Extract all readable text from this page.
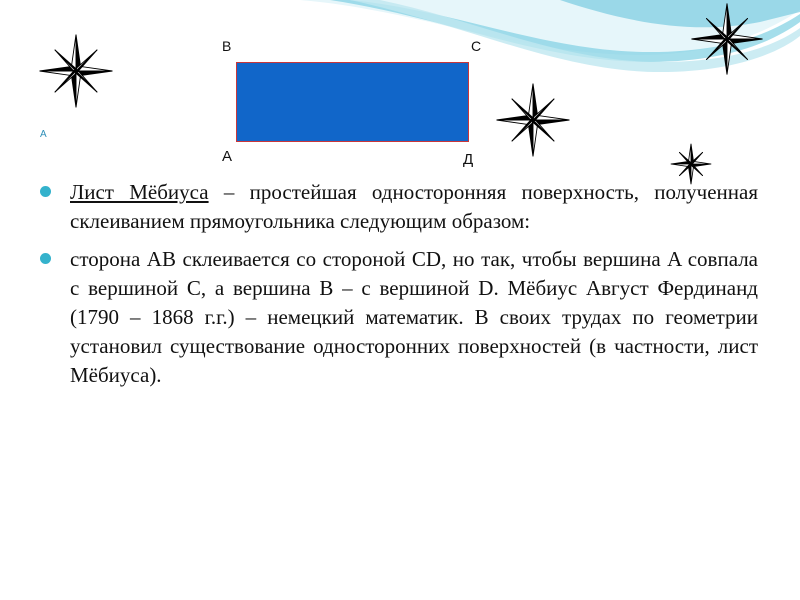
B	C
A	Д
A
Лист Мёбиуса – простейшая односторонняя поверхность, полученная склеиванием прямоугольника следующим образом:
сторона AB склеивается со стороной CD, но так, чтобы вершина A совпала с вершиной C, а вершина B – с вершиной D. Мёбиус Август Фердинанд (1790 – 1868 г.г.) – немецкий математик. В своих трудах по геометрии установил существование односторонних поверхностей (в частности, лист Мёбиуса).
